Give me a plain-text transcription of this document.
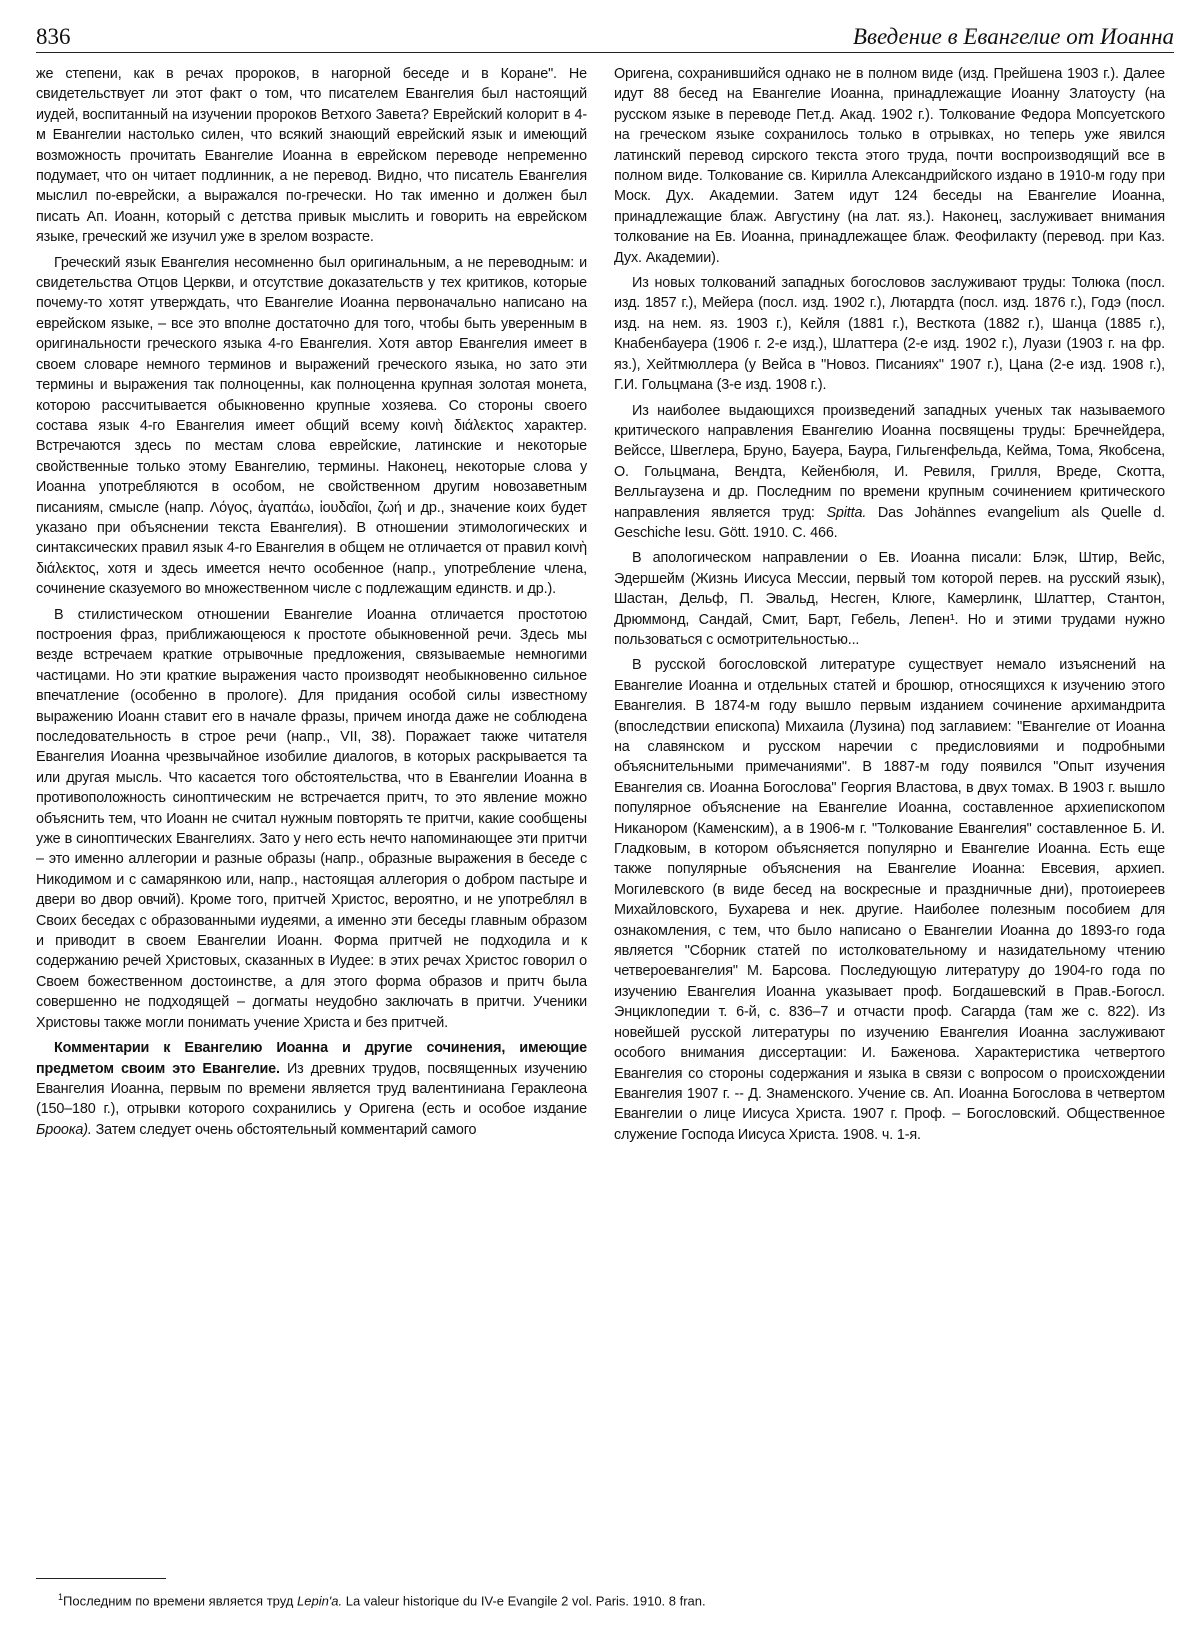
836	Введение в Евангелие от Иоанна

же степени, как в речах пророков, в нагорной беседе и в Коране". Не свидетельствует ли этот факт о том, что писателем Евангелия был настоящий иудей, воспитанный на изучении пророков Ветхого Завета? Еврейский колорит в 4-м Евангелии настолько силен, что всякий знающий еврейский язык и имеющий возможность прочитать Евангелие Иоанна в еврейском переводе непременно подумает, что он читает подлинник, а не перевод. Видно, что писатель Евангелия мыслил по-еврейски, а выражался по-гречески. Но так именно и должен был писать Ап. Иоанн, который с детства привык мыслить и говорить на еврейском языке, греческий же изучил уже в зрелом возрасте.

Греческий язык Евангелия несомненно был оригинальным, а не переводным: и свидетельства Отцов Церкви, и отсутствие доказательств у тех критиков, которые почему-то хотят утверждать, что Евангелие Иоанна первоначально написано на еврейском языке, – все это вполне достаточно для того, чтобы быть уверенным в оригинальности греческого языка 4-го Евангелия. Хотя автор Евангелия имеет в своем словаре немного терминов и выражений греческого языка, но зато эти термины и выражения так полноценны, как полноценна крупная золотая монета, которою рассчитывается обыкновенно крупные хозяева. Со стороны своего состава язык 4-го Евангелия имеет общий всему κοινὴ διάλεκτος характер. Встречаются здесь по местам слова еврейские, латинские и некоторые свойственные только этому Евангелию, термины. Наконец, некоторые слова у Иоанна употребляются в особом, не свойственном другим новозаветным писаниям, смысле (напр. Λόγος, ἀγαπάω, ἰουδαῖοι, ζωή и др., значение коих будет указано при объяснении текста Евангелия). В отношении этимологических и синтаксических правил язык 4-го Евангелия в общем не отличается от правил κοινὴ διάλεκτος, хотя и здесь имеется нечто особенное (напр., употребление члена, сочинение сказуемого во множественном числе с подлежащим единств. и др.).

В стилистическом отношении Евангелие Иоанна отличается простотою построения фраз, приближающеюся к простоте обыкновенной речи. Здесь мы везде встречаем краткие отрывочные предложения, связываемые немногими частицами. Но эти краткие выражения часто производят необыкновенно сильное впечатление (особенно в прологе). Для придания особой силы известному выражению Иоанн ставит его в начале фразы, причем иногда даже не соблюдена последовательность в строе речи (напр., VII, 38). Поражает также читателя Евангелия Иоанна чрезвычайное изобилие диалогов, в которых раскрывается та или другая мысль. Что касается того обстоятельства, что в Евангелии Иоанна в противоположность синоптическим не встречается притч, то это явление можно объяснить тем, что Иоанн не считал нужным повторять те притчи, какие сообщены уже в синоптических Евангелиях. Зато у него есть нечто напоминающее эти притчи – это именно аллегории и разные образы (напр., образные выражения в беседе с Никодимом и с самарянкою или, напр., настоящая аллегория о добром пастыре и двери во двор овчий). Кроме того, притчей Христос, вероятно, и не употреблял в Своих беседах с образованными иудеями, а именно эти беседы главным образом и приводит в своем Евангелии Иоанн. Форма притчей не подходила и к содержанию речей Христовых, сказанных в Иудее: в этих речах Христос говорил о Своем божественном достоинстве, а для этого форма образов и притч была совершенно не подходящей – догматы неудобно заключать в притчи. Ученики Христовы также могли понимать учение Христа и без притчей.

Комментарии к Евангелию Иоанна и другие сочинения, имеющие предметом своим это Евангелие. Из древних трудов, посвященных изучению Евангелия Иоанна, первым по времени является труд валентиниана Гераклеона (150–180 г.), отрывки которого сохранились у Оригена (есть и особое издание Броока). Затем следует очень обстоятельный комментарий самого

Оригена, сохранившийся однако не в полном виде (изд. Прейшена 1903 г.). Далее идут 88 бесед на Евангелие Иоанна, принадлежащие Иоанну Златоусту (на русском языке в переводе Пет.д. Акад. 1902 г.). Толкование Федора Мопсуетского на греческом языке сохранилось только в отрывках, но теперь уже явился латинский перевод сирского текста этого труда, почти воспроизводящий все в полном виде. Толкование св. Кирилла Александрийского издано в 1910-м году при Моск. Дух. Академии. Затем идут 124 беседы на Евангелие Иоанна, принадлежащие блаж. Августину (на лат. яз.). Наконец, заслуживает внимания толкование на Ев. Иоанна, принадлежащее блаж. Феофилакту (перевод. при Каз. Дух. Академии).

Из новых толкований западных богословов заслуживают труды: Толюка (посл. изд. 1857 г.), Мейера (посл. изд. 1902 г.), Лютардта (посл. изд. 1876 г.), Годэ (посл. изд. на нем. яз. 1903 г.), Кейля (1881 г.), Весткота (1882 г.), Шанца (1885 г.), Кнабенбауера (1906 г. 2-е изд.), Шлаттера (2-е изд. 1902 г.), Луази (1903 г. на фр. яз.), Хейтмюллера (у Вейса в "Новоз. Писаниях" 1907 г.), Цана (2-е изд. 1908 г.), Г.И. Гольцмана (3-е изд. 1908 г.).

Из наиболее выдающихся произведений западных ученых так называемого критического направления Евангелию Иоанна посвящены труды: Бречнейдера, Вейссе, Швеглера, Бруно, Бауера, Баура, Гильгенфельда, Кейма, Тома, Якобсена, О. Гольцмана, Вендта, Кейенбюля, И. Ревиля, Грилля, Вреде, Скотта, Велльгаузена и др. Последним по времени крупным сочинением критического направления является труд: Spitta. Das Johännes evangelium als Quelle d. Geschiche Iesu. Gött. 1910. С. 466.

В апологическом направлении о Ев. Иоанна писали: Блэк, Штир, Вейс, Эдершейм (Жизнь Иисуса Мессии, первый том которой перев. на русский язык), Шастан, Дельф, П. Эвальд, Несген, Клюге, Камерлинк, Шлаттер, Стантон, Дрюммонд, Сандай, Смит, Барт, Гебель, Лепен¹. Но и этими трудами нужно пользоваться с осмотрительностью...

В русской богословской литературе существует немало изъяснений на Евангелие Иоанна и отдельных статей и брошюр, относящихся к изучению этого Евангелия. В 1874-м году вышло первым изданием сочинение архимандрита (впоследствии епископа) Михаила (Лузина) под заглавием: "Евангелие от Иоанна на славянском и русском наречии с предисловиями и подробными объяснительными примечаниями". В 1887-м году появился "Опыт изучения Евангелия св. Иоанна Богослова" Георгия Властова, в двух томах. В 1903 г. вышло популярное объяснение на Евангелие Иоанна, составленное архиепископом Никанором (Каменским), а в 1906-м г. "Толкование Евангелия" составленное Б. И. Гладковым, в котором объясняется популярно и Евангелие Иоанна. Есть еще также популярные объяснения на Евангелие Иоанна: Евсевия, архиеп. Могилевского (в виде бесед на воскресные и праздничные дни), протоиереев Михайловского, Бухарева и нек. другие. Наиболее полезным пособием для ознакомления, с тем, что было написано о Евангелии Иоанна до 1893-го года является "Сборник статей по истолковательному и назидательному чтению четвероевангелия" М. Барсова. Последующую литературу до 1904-го года по изучению Евангелия Иоанна указывает проф. Богдашевский в Прав.-Богосл. Энциклопедии т. 6-й, с. 836–7 и отчасти проф. Сагарда (там же с. 822). Из новейшей русской литературы по изучению Евангелия Иоанна заслуживают особого внимания диссертации: И. Баженова. Характеристика четвертого Евангелия со стороны содержания и языка в связи с вопросом о происхождении Евангелия 1907 г. -- Д. Знаменского. Учение св. Ап. Иоанна Богослова в четвертом Евангелии о лице Иисуса Христа. 1907 г. Проф. – Богословский. Общественное служение Господа Иисуса Христа. 1908. ч. 1-я.

$^1$Последним по времени является труд Lepin'a. La valeur historique du IV-e Evangile 2 vol. Paris. 1910. 8 fran.
